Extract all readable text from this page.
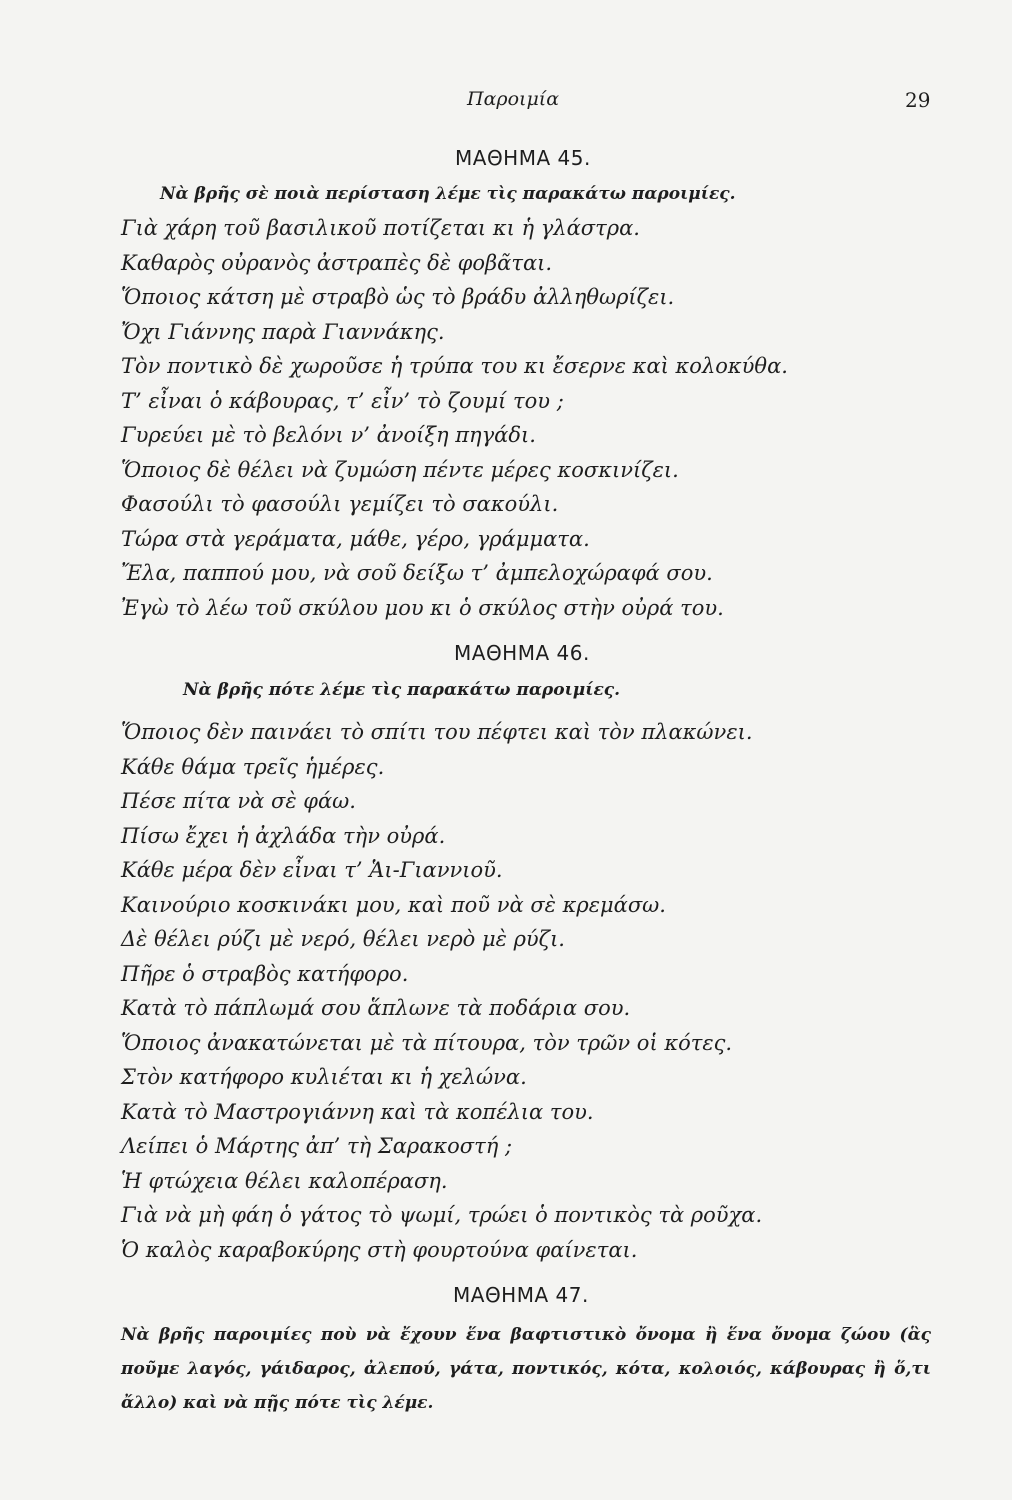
Παροιμία	29
ΜΑΘΗΜΑ 45.
Νὰ βρῆς σὲ ποιὰ περίσταση λέμε τὶς παρακάτω παροιμίες.
Γιὰ χάρη τοῦ βασιλικοῦ ποτίζεται κι ἡ γλάστρα.
Καθαρὸς οὐρανὸς ἀστραπὲς δὲ φοβᾶται.
Ὅποιος κάτση μὲ στραβὸ ὡς τὸ βράδυ ἀλληθωρίζει.
Ὄχι Γιάννης παρὰ Γιαννάκης.
Τὸν ποντικὸ δὲ χωροῦσε ἡ τρύπα του κι ἔσερνε καὶ κολοκύθα.
Τ’ εἶναι ὁ κάβουρας, τ’ εἶν’ τὸ ζουμί του ;
Γυρεύει μὲ τὸ βελόνι ν’ ἀνοίξη πηγάδι.
Ὅποιος δὲ θέλει νὰ ζυμώση πέντε μέρες κοσκινίζει.
Φασούλι τὸ φασούλι γεμίζει τὸ σακούλι.
Τώρα στὰ γεράματα, μάθε, γέρο, γράμματα.
Ἔλα, παππού μου, νὰ σοῦ δείξω τ’ ἀμπελοχώραφά σου.
Ἐγὼ τὸ λέω τοῦ σκύλου μου κι ὁ σκύλος στὴν οὐρά του.
ΜΑΘΗΜΑ 46.
Νὰ βρῆς πότε λέμε τὶς παρακάτω παροιμίες.
Ὅποιος δὲν παινάει τὸ σπίτι του πέφτει καὶ τὸν πλακώνει.
Κάθε θάμα τρεῖς ἡμέρες.
Πέσε πίτα νὰ σὲ φάω.
Πίσω ἔχει ἡ ἀχλάδα τὴν οὐρά.
Κάθε μέρα δὲν εἶναι τ’ Ἁι-Γιαννιοῦ.
Καινούριο κοσκινάκι μου, καὶ ποῦ νὰ σὲ κρεμάσω.
Δὲ θέλει ρύζι μὲ νερό, θέλει νερὸ μὲ ρύζι.
Πῆρε ὁ στραβὸς κατήφορο.
Κατὰ τὸ πάπλωμά σου ἅπλωνε τὰ ποδάρια σου.
Ὅποιος ἀνακατώνεται μὲ τὰ πίτουρα, τὸν τρῶν οἱ κότες.
Στὸν κατήφορο κυλιέται κι ἡ χελώνα.
Κατὰ τὸ Μαστρογιάννη καὶ τὰ κοπέλια του.
Λείπει ὁ Μάρτης ἀπ’ τὴ Σαρακοστή ;
Ἡ φτώχεια θέλει καλοπέραση.
Γιὰ νὰ μὴ φάη ὁ γάτος τὸ ψωμί, τρώει ὁ ποντικὸς τὰ ροῦχα.
Ὁ καλὸς καραβοκύρης στὴ φουρτούνα φαίνεται.
ΜΑΘΗΜΑ 47.
Νὰ βρῆς παροιμίες ποὺ νὰ ἔχουν ἕνα βαφτιστικὸ ὄνομα ἢ ἕνα ὄνομα ζώου (ἃς ποῦμε λαγός, γάιδαρος, ἀλεπού, γάτα, ποντικός, κότα, κολοιός, κάβουρας ἢ ὅ,τι ἄλλο) καὶ νὰ πῇς πότε τὶς λέμε.
